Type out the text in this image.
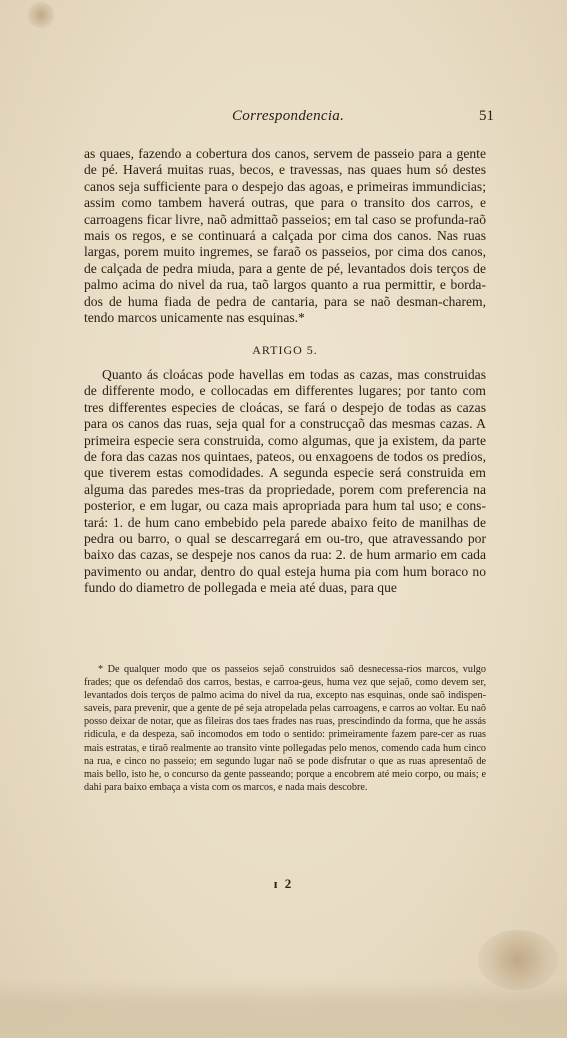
Correspondencia.	51

as quaes, fazendo a cobertura dos canos, servem de passeio para a gente de pé. Haverá muitas ruas, becos, e travessas, nas quaes hum só destes canos seja sufficiente para o despejo das agoas, e primeiras immundicias; assim como tambem haverá outras, que para o transito dos carros, e carroagens ficar livre, naõ admittaõ passeios; em tal caso se profunda-raõ mais os regos, e se continuará a calçada por cima dos canos. Nas ruas largas, porem muito ingremes, se faraõ os passeios, por cima dos canos, de calçada de pedra miuda, para a gente de pé, levantados dois terços de palmo acima do nivel da rua, taõ largos quanto a rua permittir, e borda-dos de huma fiada de pedra de cantaria, para se naõ desman-charem, tendo marcos unicamente nas esquinas.*

ARTIGO 5.

Quanto ás cloácas pode havellas em todas as cazas, mas construidas de differente modo, e collocadas em differentes lugares; por tanto com tres differentes especies de cloácas, se fará o despejo de todas as cazas para os canos das ruas, seja qual for a construcçaõ das mesmas cazas. A primeira especie sera construida, como algumas, que ja existem, da parte de fora das cazas nos quintaes, pateos, ou enxagoens de todos os predios, que tiverem estas comodidades. A segunda especie será construida em alguma das paredes mes-tras da propriedade, porem com preferencia na posterior, e em lugar, ou caza mais apropriada para hum tal uso; e cons-tará: 1. de hum cano embebido pela parede abaixo feito de manilhas de pedra ou barro, o qual se descarregará em ou-tro, que atravessando por baixo das cazas, se despeje nos canos da rua: 2. de hum armario em cada pavimento ou andar, dentro do qual esteja huma pia com hum boraco no fundo do diametro de pollegada e meia até duas, para que

* De qualquer modo que os passeios sejaõ construidos saõ desnecessa-rios marcos, vulgo frades; que os defendaõ dos carros, bestas, e carroa-geus, huma vez que sejaõ, como devem ser, levantados dois terços de palmo acima do nivel da rua, excepto nas esquinas, onde saõ indispen-saveis, para prevenir, que a gente de pé seja atropelada pelas carroagens, e carros ao voltar. Eu naõ posso deixar de notar, que as fileiras dos taes frades nas ruas, prescindindo da forma, que he assás ridicula, e da despeza, saõ incomodos em todo o sentido: primeiramente fazem pare-cer as ruas mais estratas, e tiraõ realmente ao transito vinte pollegadas pelo menos, comendo cada hum cinco na rua, e cinco no passeio; em segundo lugar naõ se pode disfrutar o que as ruas apresentaõ de mais bello, isto he, o concurso da gente passeando; porque a encobrem até meio corpo, ou mais; e dahi para baixo embaça a vista com os marcos, e nada mais descobre.
ɪ 2
